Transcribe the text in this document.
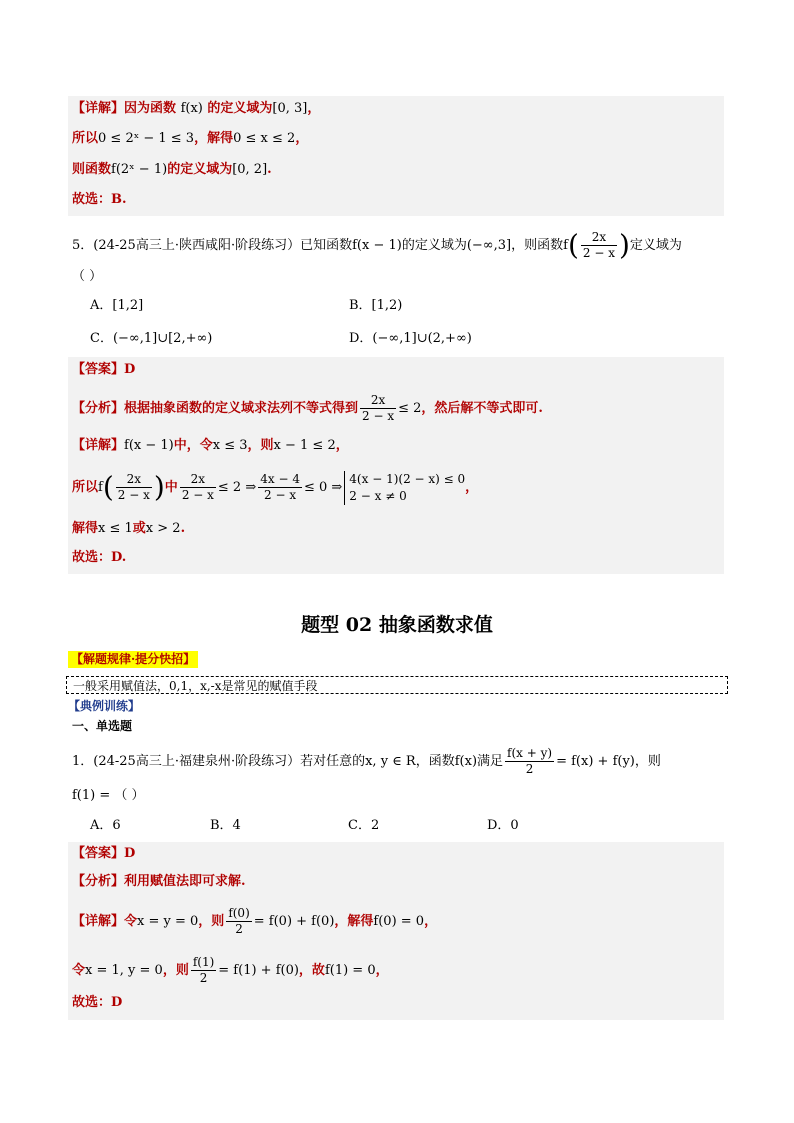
【详解】因为函数 f(x) 的定义域为[0, 3]，
所以0 ≤ 2ˣ − 1 ≤ 3，解得0 ≤ x ≤ 2，
则函数f(2ˣ − 1)的定义域为[0, 2].
故选：B.
5．(24-25高三上·陕西咸阳·阶段练习）已知函数f(x − 1)的定义域为(−∞,3]，则函数$f( \frac{2x}{2 - x}$ )定义域为
（ ）
A．[1,2]	B．[1,2)
C．(−∞,1]∪[2,+∞)	D．(−∞,1]∪(2,+∞)
【答案】D
【分析】根据抽象函数的定义域求法列不等式得到 $\frac{2x}{2 - x} \le 2$，然后解不等式即可.
【详解】f(x − 1)中，令x ≤ 3，则x − 1 ≤ 2，
所以$f( \frac{2x}{2 - x}$ )中 $\frac{2x}{2 - x} \le 2$ ⇒ $\frac{4x - 4}{2 - x} \le 0$ ⇒
4(x − 1)(2 − x) ≤ 0
2 − x ≠ 0
，
解得x ≤ 1或x > 2.
故选：D.
题型 02 抽象函数求值
【解题规律·提分快招】
一般采用赋值法，0,1，x,-x是常见的赋值手段
【典例训练】
一、单选题
1．(24-25高三上·福建泉州·阶段练习）若对任意的x, y ∈ R，函数f(x)满足 $\frac{f(x + y)}{2} = f(x) + f(y)$，则
f(1) = （ ）
A．6	B．4	C．2	D．0
【答案】D
【分析】利用赋值法即可求解.
【详解】令x = y = 0，则 $\frac{f(0)}{2} = f(0) + f(0)$，解得f(0) = 0，
令x = 1, y = 0，则 $\frac{f(1)}{2} = f(1) + f(0)$，故f(1) = 0，
故选：D
